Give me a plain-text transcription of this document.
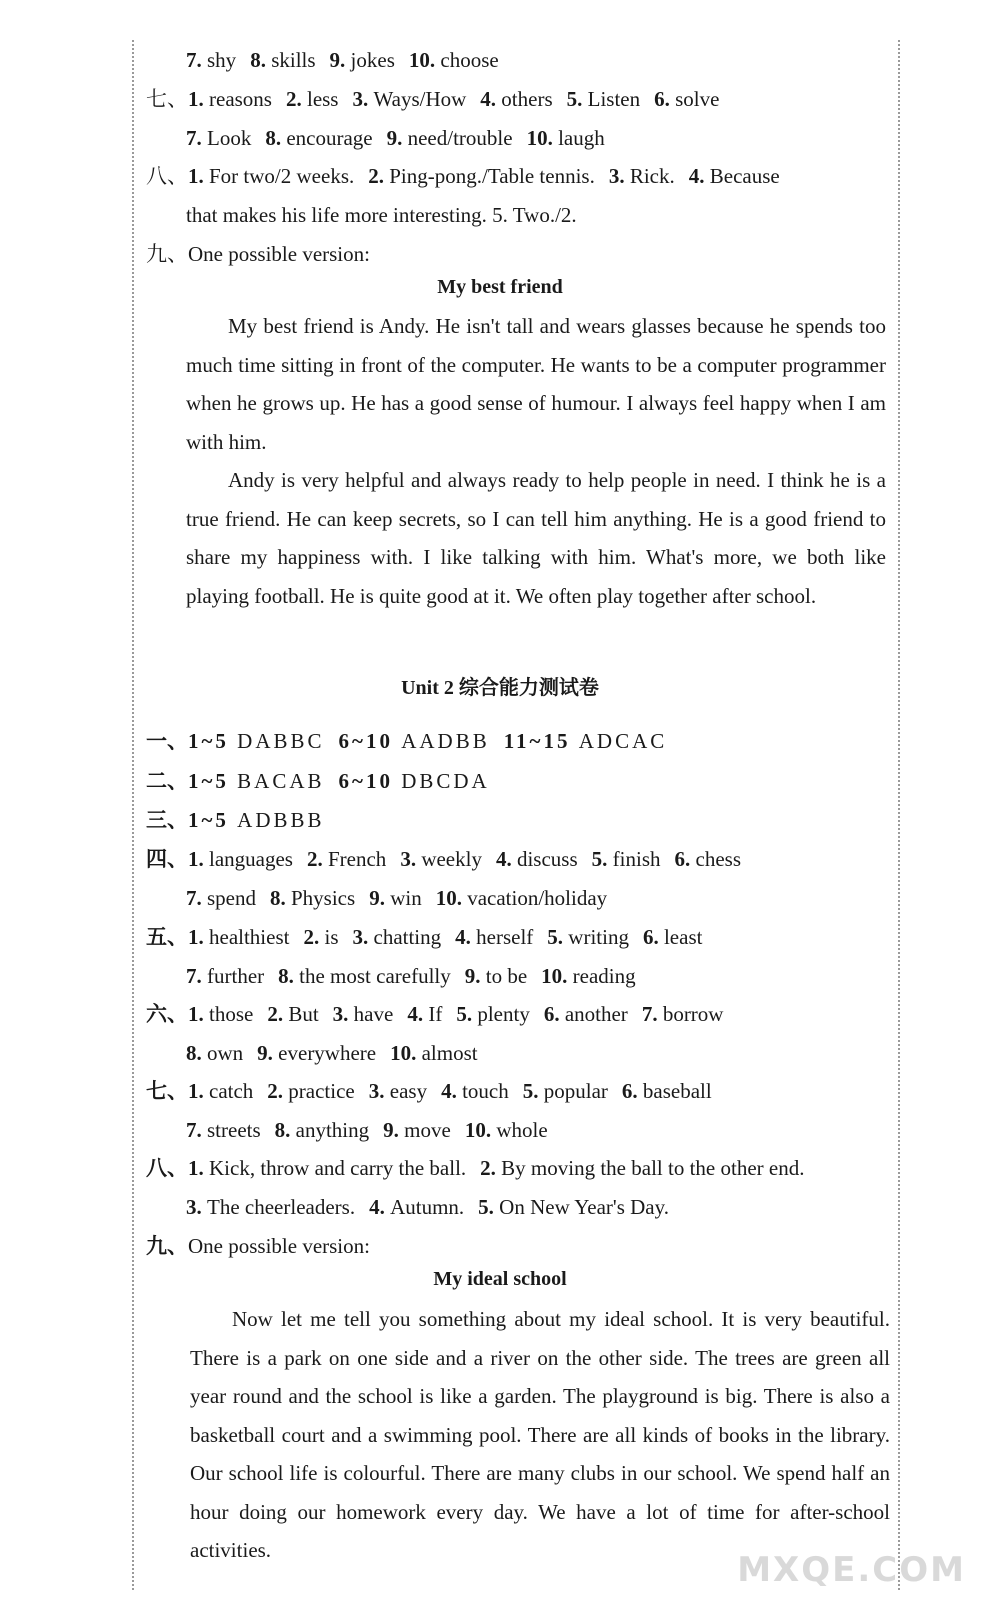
7. shy 8. skills 9. jokes 10. choose
七、1. reasons 2. less 3. Ways/How 4. others 5. Listen 6. solve
7. Look 8. encourage 9. need/trouble 10. laugh
八、1. For two/2 weeks. 2. Ping-pong./Table tennis. 3. Rick. 4. Because
that makes his life more interesting. 5. Two./2.
九、One possible version:
My best friend

My best friend is Andy. He isn't tall and wears glasses because he spends too much time sitting in front of the computer. He wants to be a computer programmer when he grows up. He has a good sense of humour. I always feel happy when I am with him.

Andy is very helpful and always ready to help people in need. I think he is a true friend. He can keep secrets, so I can tell him anything. He is a good friend to share my happiness with. I like talking with him. What's more, we both like playing football. He is quite good at it. We often play together after school.

Unit 2 综合能力测试卷
一、1~5 DABBC 6~10 AADBB 11~15 ADCAC
二、1~5 BACAB 6~10 DBCDA
三、1~5 ADBBB
四、1. languages 2. French 3. weekly 4. discuss 5. finish 6. chess
7. spend 8. Physics 9. win 10. vacation/holiday
五、1. healthiest 2. is 3. chatting 4. herself 5. writing 6. least
7. further 8. the most carefully 9. to be 10. reading
六、1. those 2. But 3. have 4. If 5. plenty 6. another 7. borrow
8. own 9. everywhere 10. almost
七、1. catch 2. practice 3. easy 4. touch 5. popular 6. baseball
7. streets 8. anything 9. move 10. whole
八、1. Kick, throw and carry the ball. 2. By moving the ball to the other end.
3. The cheerleaders. 4. Autumn. 5. On New Year's Day.
九、One possible version:
My ideal school

Now let me tell you something about my ideal school. It is very beautiful. There is a park on one side and a river on the other side. The trees are green all year round and the school is like a garden. The playground is big. There is also a basketball court and a swimming pool. There are all kinds of books in the library. Our school life is colourful. There are many clubs in our school. We spend half an hour doing our homework every day. We have a lot of time for after-school activities.	MXQE.COM
